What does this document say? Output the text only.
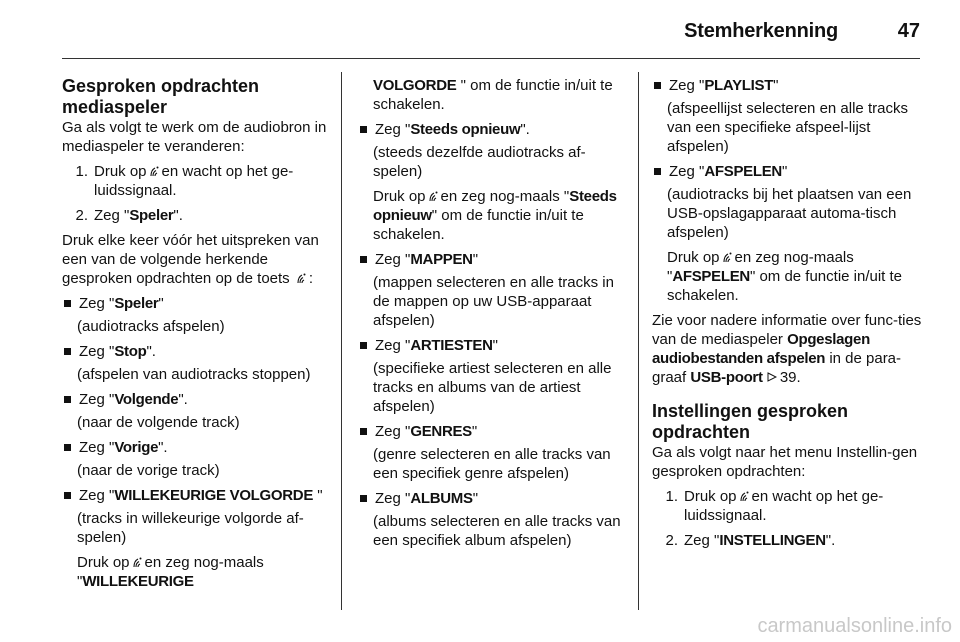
Stemherkenning	47
Gesproken opdrachten mediaspeler

Ga als volgt te werk om de audiobron in mediaspeler te veranderen:

1. Druk op en wacht op het ge-luidssignaal.
2. Zeg "Speler".

Druk elke keer vóór het uitspreken van een van de volgende herkende gesproken opdrachten op de toets :

Zeg "Speler"

(audiotracks afspelen)

Zeg "Stop".

(afspelen van audiotracks stoppen)

Zeg "Volgende".

(naar de volgende track)

Zeg "Vorige".

(naar de vorige track)

Zeg "WILLEKEURIGE VOLGORDE "

(tracks in willekeurige volgorde af-spelen)

Druk op en zeg nog-maals "WILLEKEURIGE

VOLGORDE " om de functie in/uit te schakelen.

Zeg "Steeds opnieuw".

(steeds dezelfde audiotracks af-spelen)

Druk op en zeg nog-maals "Steeds opnieuw" om de functie in/uit te schakelen.

Zeg "MAPPEN"

(mappen selecteren en alle tracks in de mappen op uw USB-apparaat afspelen)

Zeg "ARTIESTEN"

(specifieke artiest selecteren en alle tracks en albums van de artiest afspelen)

Zeg "GENRES"

(genre selecteren en alle tracks van een specifiek genre afspelen)

Zeg "ALBUMS"

(albums selecteren en alle tracks van een specifiek album afspelen)

Zeg "PLAYLIST"

(afspeellijst selecteren en alle tracks van een specifieke afspeel-lijst afspelen)

Zeg "AFSPELEN"

(audiotracks bij het plaatsen van een USB-opslagapparaat automa-tisch afspelen)

Druk op en zeg nog-maals "AFSPELEN" om de functie in/uit te schakelen.

Zie voor nadere informatie over func-ties van de mediaspeler Opgeslagen audiobestanden afspelen in de para-graaf USB-poort 39.

Instellingen gesproken opdrachten

Ga als volgt naar het menu Instellin-gen gesproken opdrachten:

1. Druk op en wacht op het ge-luidssignaal.
2. Zeg "INSTELLINGEN".
carmanualsonline.info
